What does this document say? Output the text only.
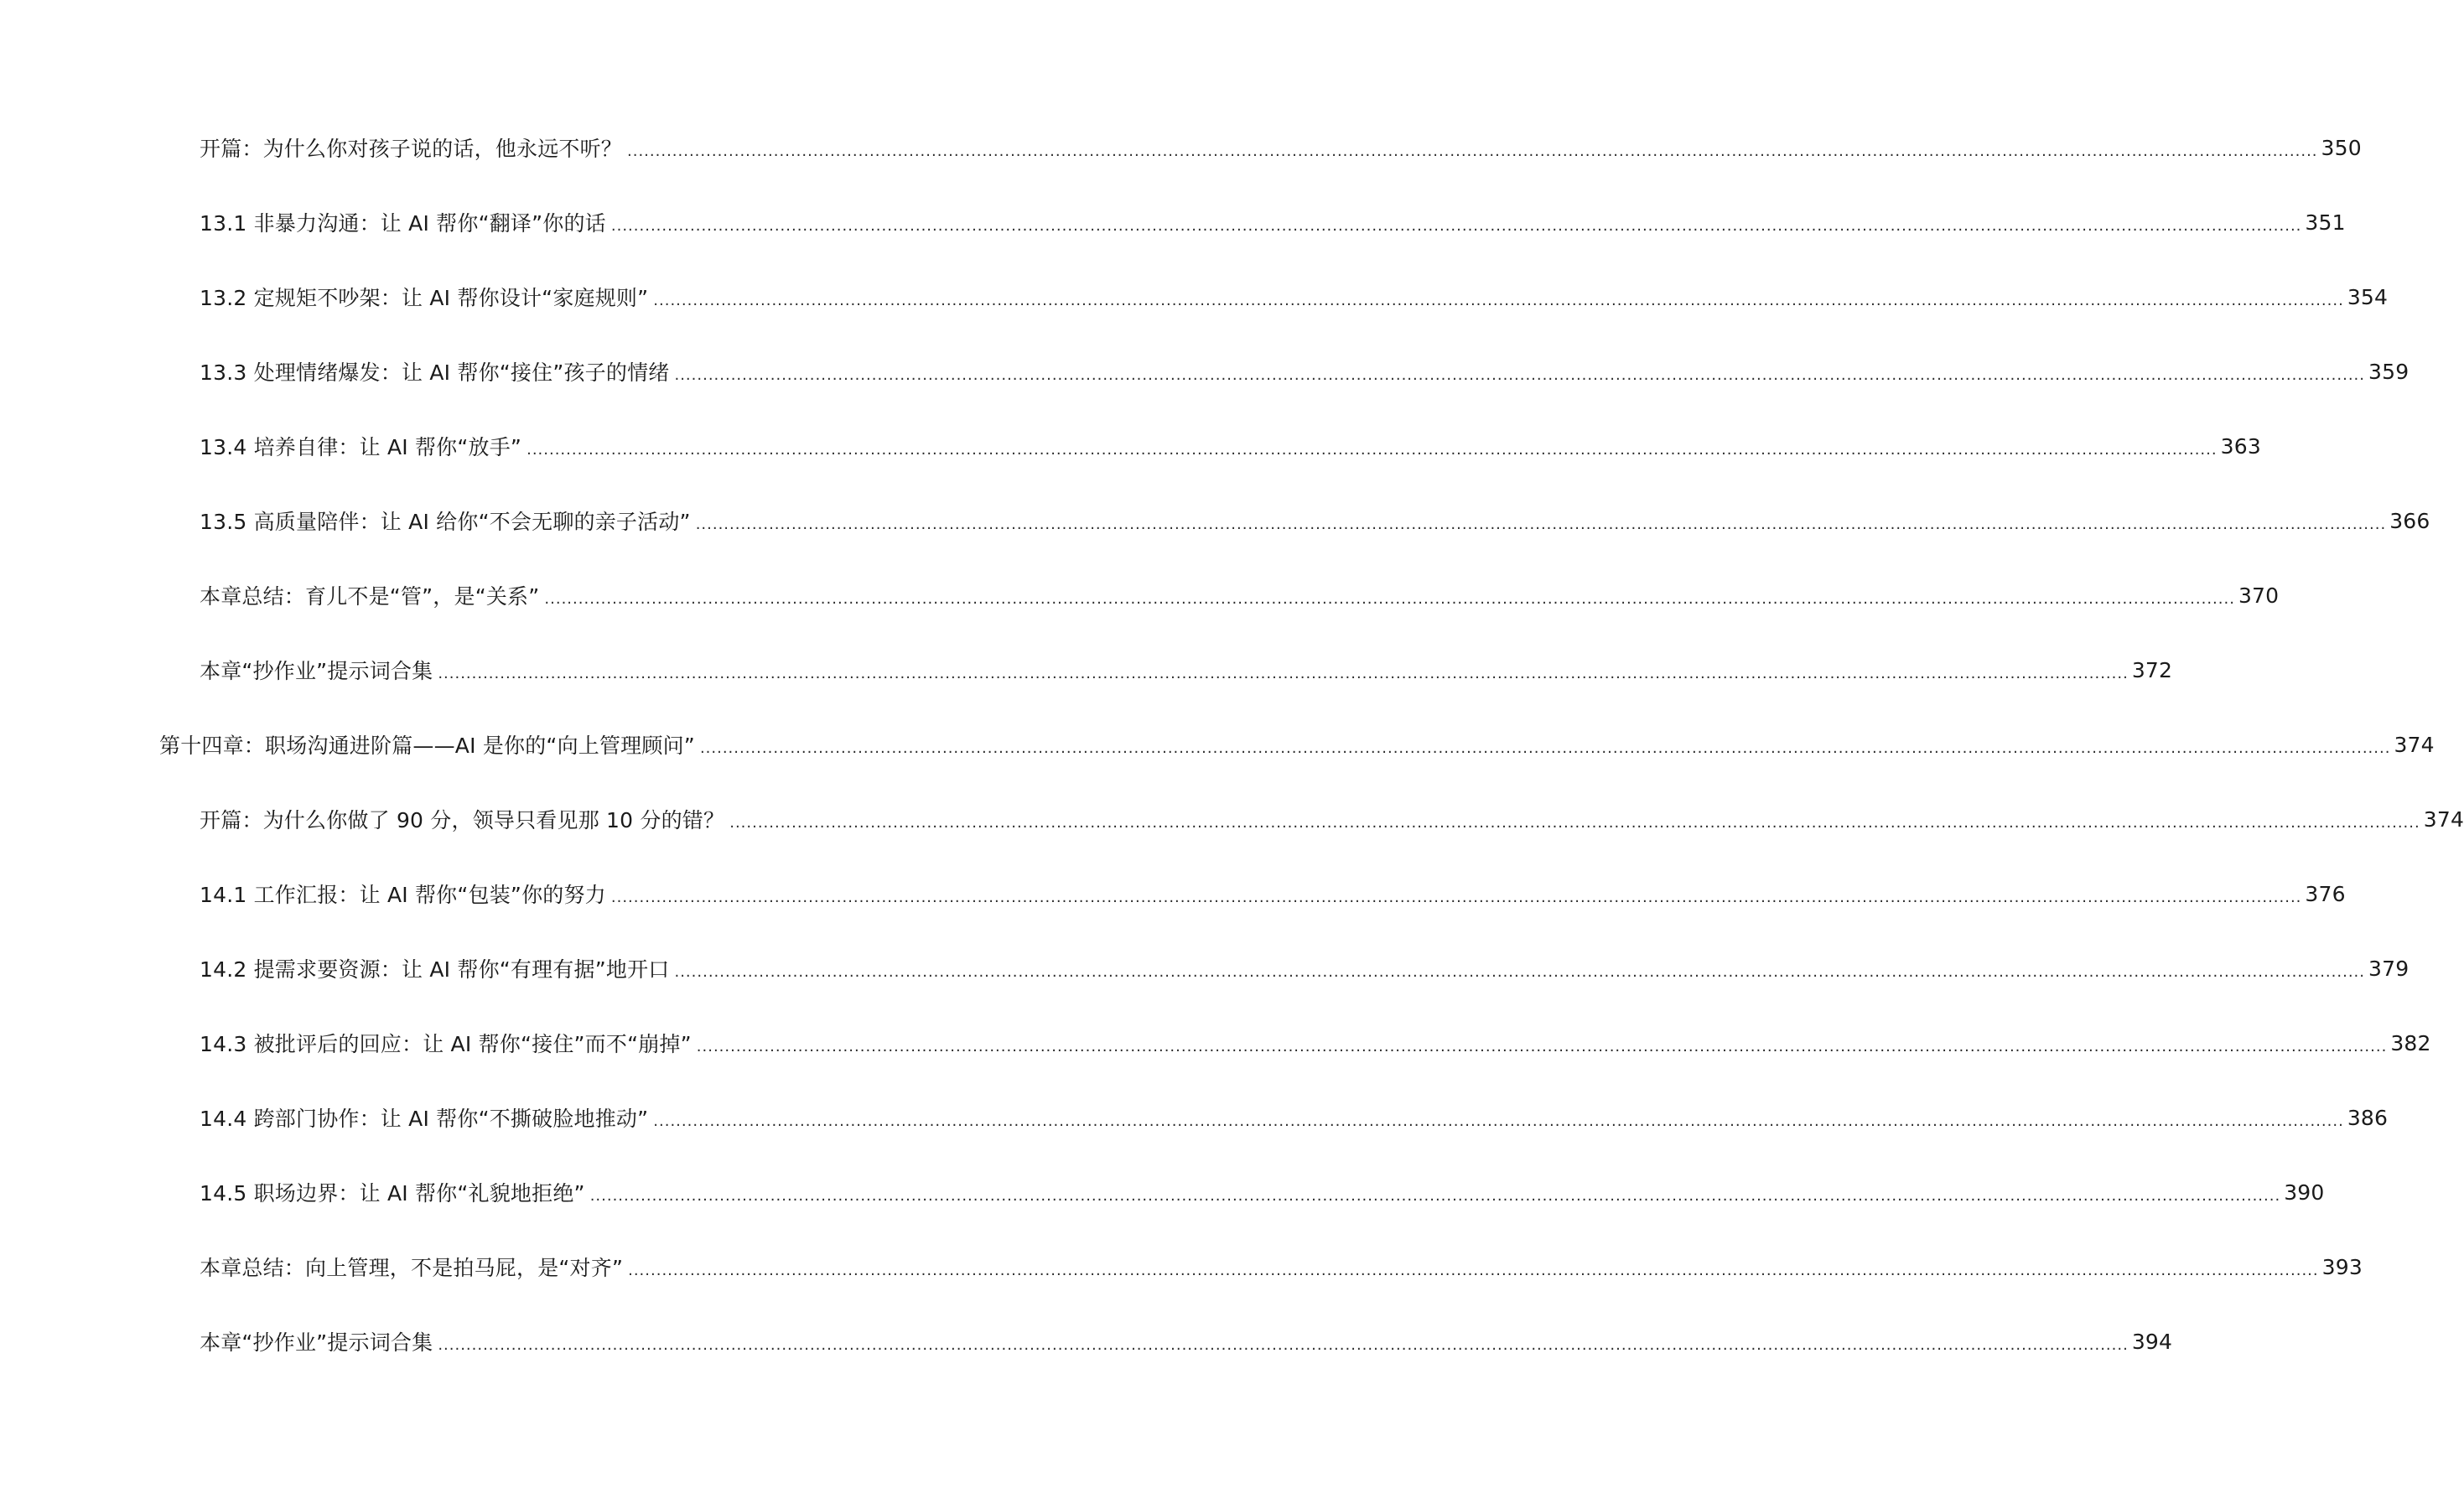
开篇：为什么你对孩子说的话，他永远不听？ ............................................................................................................................................................................................................................................................................................................ 350
13.1 非暴力沟通：让 AI 帮你“翻译”你的话 ............................................................................................................................................................................................................................................................................................................ 351
13.2 定规矩不吵架：让 AI 帮你设计“家庭规则” ............................................................................................................................................................................................................................................................................................................ 354
13.3 处理情绪爆发：让 AI 帮你“接住”孩子的情绪 ............................................................................................................................................................................................................................................................................................................ 359
13.4 培养自律：让 AI 帮你“放手” ............................................................................................................................................................................................................................................................................................................ 363
13.5 高质量陪伴：让 AI 给你“不会无聊的亲子活动” ............................................................................................................................................................................................................................................................................................................ 366
本章总结：育儿不是“管”，是“关系” ............................................................................................................................................................................................................................................................................................................ 370
本章“抄作业”提示词合集 ............................................................................................................................................................................................................................................................................................................ 372
第十四章：职场沟通进阶篇——AI 是你的“向上管理顾问” ............................................................................................................................................................................................................................................................................................................ 374
开篇：为什么你做了 90 分，领导只看见那 10 分的错？ ............................................................................................................................................................................................................................................................................................................ 374
14.1 工作汇报：让 AI 帮你“包装”你的努力 ............................................................................................................................................................................................................................................................................................................ 376
14.2 提需求要资源：让 AI 帮你“有理有据”地开口 ............................................................................................................................................................................................................................................................................................................ 379
14.3 被批评后的回应：让 AI 帮你“接住”而不“崩掉” ............................................................................................................................................................................................................................................................................................................ 382
14.4 跨部门协作：让 AI 帮你“不撕破脸地推动” ............................................................................................................................................................................................................................................................................................................ 386
14.5 职场边界：让 AI 帮你“礼貌地拒绝” ............................................................................................................................................................................................................................................................................................................ 390
本章总结：向上管理，不是拍马屁，是“对齐” ............................................................................................................................................................................................................................................................................................................ 393
本章“抄作业”提示词合集 ............................................................................................................................................................................................................................................................................................................ 394
